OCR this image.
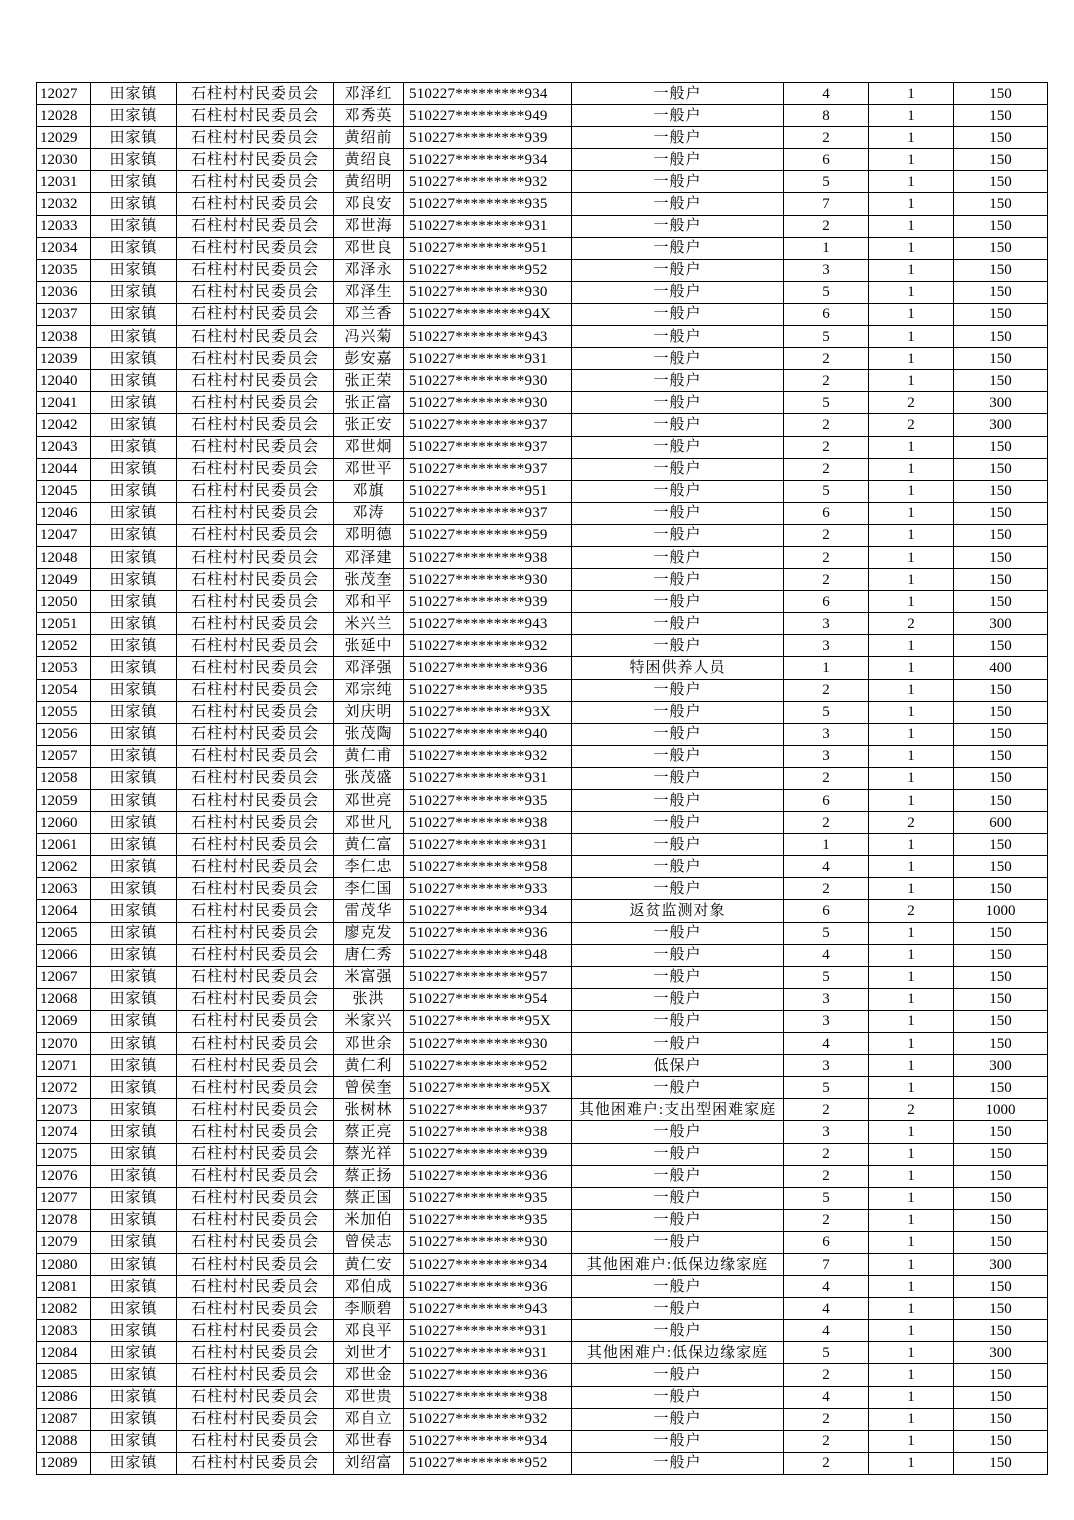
12027	田家镇	石柱村村民委员会	邓泽红	510227*********934	一般户	4	1	150
12028	田家镇	石柱村村民委员会	邓秀英	510227*********949	一般户	8	1	150
12029	田家镇	石柱村村民委员会	黄绍前	510227*********939	一般户	2	1	150
12030	田家镇	石柱村村民委员会	黄绍良	510227*********934	一般户	6	1	150
12031	田家镇	石柱村村民委员会	黄绍明	510227*********932	一般户	5	1	150
12032	田家镇	石柱村村民委员会	邓良安	510227*********935	一般户	7	1	150
12033	田家镇	石柱村村民委员会	邓世海	510227*********931	一般户	2	1	150
12034	田家镇	石柱村村民委员会	邓世良	510227*********951	一般户	1	1	150
12035	田家镇	石柱村村民委员会	邓泽永	510227*********952	一般户	3	1	150
12036	田家镇	石柱村村民委员会	邓泽生	510227*********930	一般户	5	1	150
12037	田家镇	石柱村村民委员会	邓兰香	510227*********94X	一般户	6	1	150
12038	田家镇	石柱村村民委员会	冯兴菊	510227*********943	一般户	5	1	150
12039	田家镇	石柱村村民委员会	彭安嘉	510227*********931	一般户	2	1	150
12040	田家镇	石柱村村民委员会	张正荣	510227*********930	一般户	2	1	150
12041	田家镇	石柱村村民委员会	张正富	510227*********930	一般户	5	2	300
12042	田家镇	石柱村村民委员会	张正安	510227*********937	一般户	2	2	300
12043	田家镇	石柱村村民委员会	邓世炯	510227*********937	一般户	2	1	150
12044	田家镇	石柱村村民委员会	邓世平	510227*********937	一般户	2	1	150
12045	田家镇	石柱村村民委员会	邓旗	510227*********951	一般户	5	1	150
12046	田家镇	石柱村村民委员会	邓涛	510227*********937	一般户	6	1	150
12047	田家镇	石柱村村民委员会	邓明德	510227*********959	一般户	2	1	150
12048	田家镇	石柱村村民委员会	邓泽建	510227*********938	一般户	2	1	150
12049	田家镇	石柱村村民委员会	张茂奎	510227*********930	一般户	2	1	150
12050	田家镇	石柱村村民委员会	邓和平	510227*********939	一般户	6	1	150
12051	田家镇	石柱村村民委员会	米兴兰	510227*********943	一般户	3	2	300
12052	田家镇	石柱村村民委员会	张延中	510227*********932	一般户	3	1	150
12053	田家镇	石柱村村民委员会	邓泽强	510227*********936	特困供养人员	1	1	400
12054	田家镇	石柱村村民委员会	邓宗纯	510227*********935	一般户	2	1	150
12055	田家镇	石柱村村民委员会	刘庆明	510227*********93X	一般户	5	1	150
12056	田家镇	石柱村村民委员会	张茂陶	510227*********940	一般户	3	1	150
12057	田家镇	石柱村村民委员会	黄仁甫	510227*********932	一般户	3	1	150
12058	田家镇	石柱村村民委员会	张茂盛	510227*********931	一般户	2	1	150
12059	田家镇	石柱村村民委员会	邓世亮	510227*********935	一般户	6	1	150
12060	田家镇	石柱村村民委员会	邓世凡	510227*********938	一般户	2	2	600
12061	田家镇	石柱村村民委员会	黄仁富	510227*********931	一般户	1	1	150
12062	田家镇	石柱村村民委员会	李仁忠	510227*********958	一般户	4	1	150
12063	田家镇	石柱村村民委员会	李仁国	510227*********933	一般户	2	1	150
12064	田家镇	石柱村村民委员会	雷茂华	510227*********934	返贫监测对象	6	2	1000
12065	田家镇	石柱村村民委员会	廖克发	510227*********936	一般户	5	1	150
12066	田家镇	石柱村村民委员会	唐仁秀	510227*********948	一般户	4	1	150
12067	田家镇	石柱村村民委员会	米富强	510227*********957	一般户	5	1	150
12068	田家镇	石柱村村民委员会	张洪	510227*********954	一般户	3	1	150
12069	田家镇	石柱村村民委员会	米家兴	510227*********95X	一般户	3	1	150
12070	田家镇	石柱村村民委员会	邓世余	510227*********930	一般户	4	1	150
12071	田家镇	石柱村村民委员会	黄仁利	510227*********952	低保户	3	1	300
12072	田家镇	石柱村村民委员会	曾侯奎	510227*********95X	一般户	5	1	150
12073	田家镇	石柱村村民委员会	张树林	510227*********937	其他困难户:支出型困难家庭	2	2	1000
12074	田家镇	石柱村村民委员会	蔡正亮	510227*********938	一般户	3	1	150
12075	田家镇	石柱村村民委员会	蔡光祥	510227*********939	一般户	2	1	150
12076	田家镇	石柱村村民委员会	蔡正扬	510227*********936	一般户	2	1	150
12077	田家镇	石柱村村民委员会	蔡正国	510227*********935	一般户	5	1	150
12078	田家镇	石柱村村民委员会	米加伯	510227*********935	一般户	2	1	150
12079	田家镇	石柱村村民委员会	曾侯志	510227*********930	一般户	6	1	150
12080	田家镇	石柱村村民委员会	黄仁安	510227*********934	其他困难户:低保边缘家庭	7	1	300
12081	田家镇	石柱村村民委员会	邓伯成	510227*********936	一般户	4	1	150
12082	田家镇	石柱村村民委员会	李顺碧	510227*********943	一般户	4	1	150
12083	田家镇	石柱村村民委员会	邓良平	510227*********931	一般户	4	1	150
12084	田家镇	石柱村村民委员会	刘世才	510227*********931	其他困难户:低保边缘家庭	5	1	300
12085	田家镇	石柱村村民委员会	邓世金	510227*********936	一般户	2	1	150
12086	田家镇	石柱村村民委员会	邓世贵	510227*********938	一般户	4	1	150
12087	田家镇	石柱村村民委员会	邓自立	510227*********932	一般户	2	1	150
12088	田家镇	石柱村村民委员会	邓世春	510227*********934	一般户	2	1	150
12089	田家镇	石柱村村民委员会	刘绍富	510227*********952	一般户	2	1	150
